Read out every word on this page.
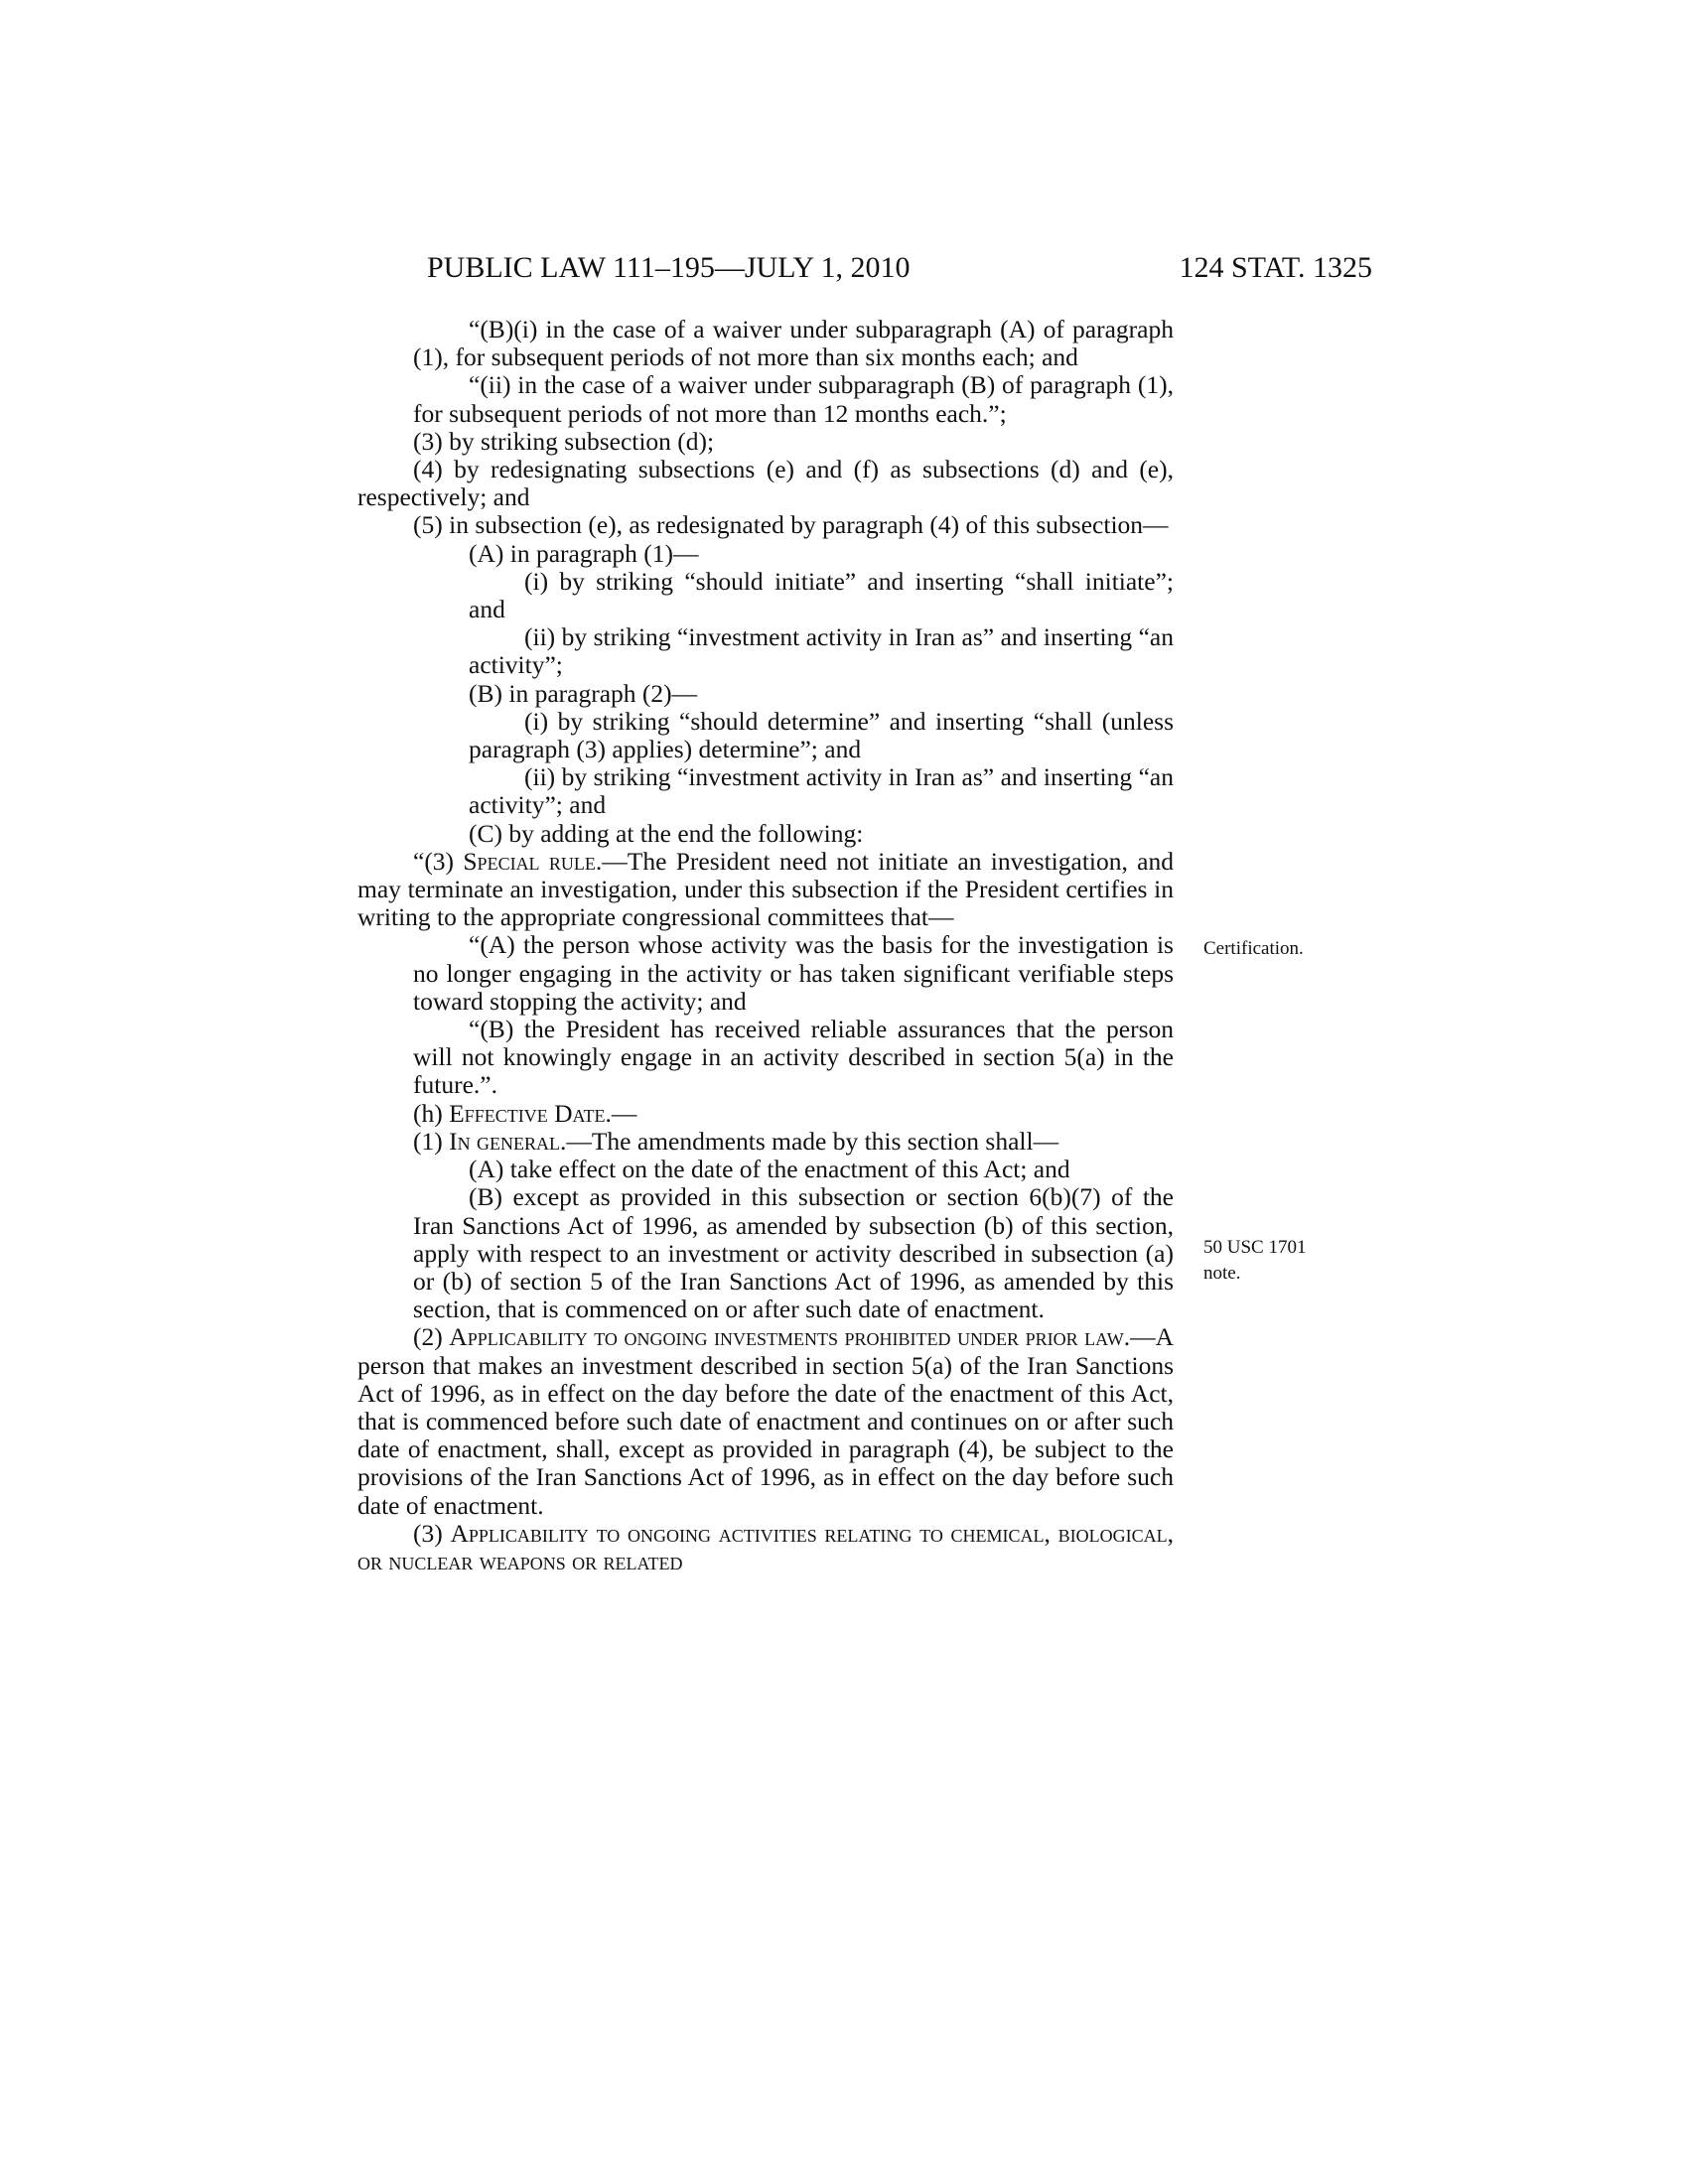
PUBLIC LAW 111–195—JULY 1, 2010	124 STAT. 1325
Certification.
50 USC 1701
note.

“(B)(i) in the case of a waiver under subparagraph (A) of paragraph (1), for subsequent periods of not more than six months each; and

“(ii) in the case of a waiver under subparagraph (B) of paragraph (1), for subsequent periods of not more than 12 months each.”;

(3) by striking subsection (d);

(4) by redesignating subsections (e) and (f) as subsections (d) and (e), respectively; and

(5) in subsection (e), as redesignated by paragraph (4) of this subsection—

(A) in paragraph (1)—

(i) by striking “should initiate” and inserting “shall initiate”; and

(ii) by striking “investment activity in Iran as” and inserting “an activity”;

(B) in paragraph (2)—

(i) by striking “should determine” and inserting “shall (unless paragraph (3) applies) determine”; and

(ii) by striking “investment activity in Iran as” and inserting “an activity”; and

(C) by adding at the end the following:

“(3) Special rule.—The President need not initiate an investigation, and may terminate an investigation, under this subsection if the President certifies in writing to the appropriate congressional committees that—

“(A) the person whose activity was the basis for the investigation is no longer engaging in the activity or has taken significant verifiable steps toward stopping the activity; and

“(B) the President has received reliable assurances that the person will not knowingly engage in an activity described in section 5(a) in the future.”.

(h) Effective Date.—

(1) In general.—The amendments made by this section shall—

(A) take effect on the date of the enactment of this Act; and

(B) except as provided in this subsection or section 6(b)(7) of the Iran Sanctions Act of 1996, as amended by subsection (b) of this section, apply with respect to an investment or activity described in subsection (a) or (b) of section 5 of the Iran Sanctions Act of 1996, as amended by this section, that is commenced on or after such date of enactment.

(2) Applicability to ongoing investments prohibited under prior law.—A person that makes an investment described in section 5(a) of the Iran Sanctions Act of 1996, as in effect on the day before the date of the enactment of this Act, that is commenced before such date of enactment and continues on or after such date of enactment, shall, except as provided in paragraph (4), be subject to the provisions of the Iran Sanctions Act of 1996, as in effect on the day before such date of enactment.

(3) Applicability to ongoing activities relating to chemical, biological, or nuclear weapons or related
